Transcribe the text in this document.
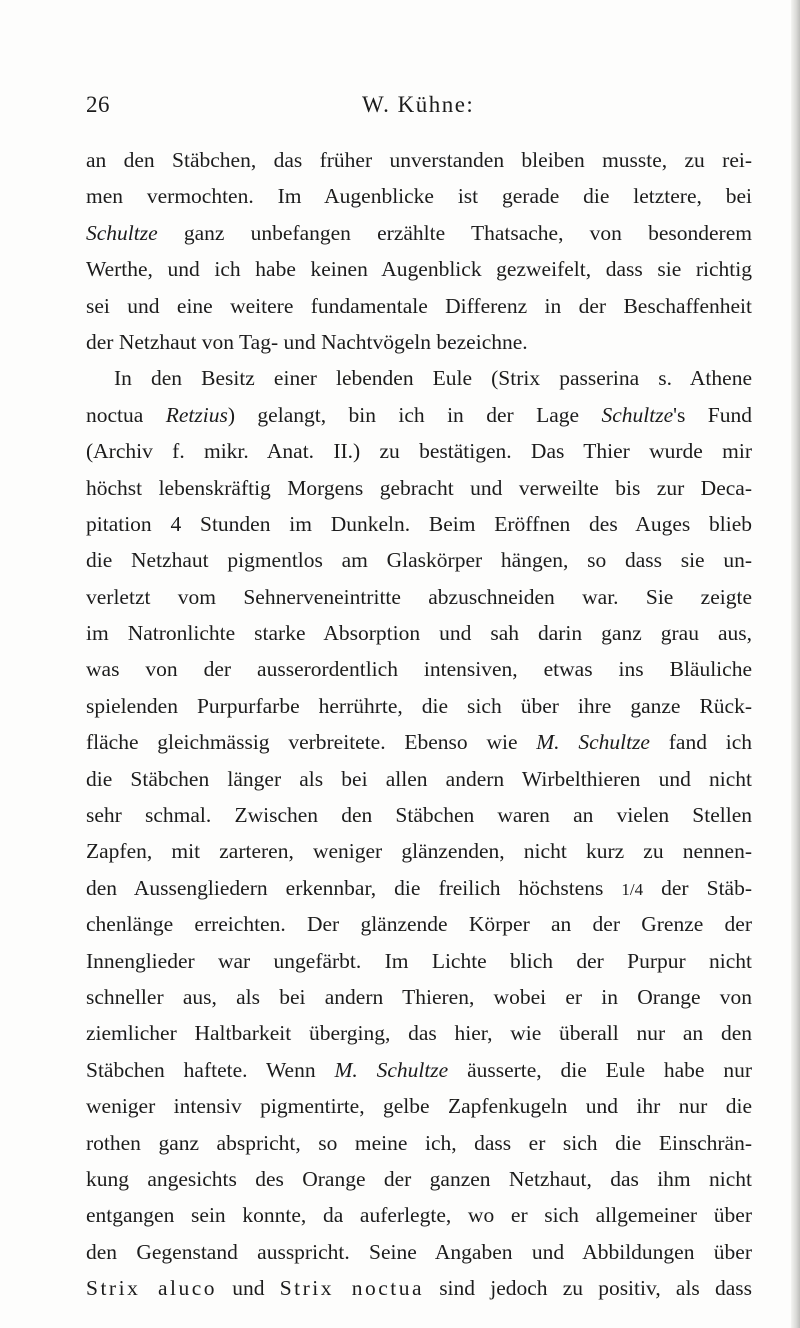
26	W. Kühne:
an den Stäbchen, das früher unverstanden bleiben musste, zu rei-
men vermochten. Im Augenblicke ist gerade die letztere, bei
Schultze ganz unbefangen erzählte Thatsache, von besonderem
Werthe, und ich habe keinen Augenblick gezweifelt, dass sie richtig
sei und eine weitere fundamentale Differenz in der Beschaffenheit
der Netzhaut von Tag- und Nachtvögeln bezeichne.
In den Besitz einer lebenden Eule (Strix passerina s. Athene
noctua Retzius) gelangt, bin ich in der Lage Schultze's Fund
(Archiv f. mikr. Anat. II.) zu bestätigen. Das Thier wurde mir
höchst lebenskräftig Morgens gebracht und verweilte bis zur Deca-
pitation 4 Stunden im Dunkeln. Beim Eröffnen des Auges blieb
die Netzhaut pigmentlos am Glaskörper hängen, so dass sie un-
verletzt vom Sehnerveneintritte abzuschneiden war. Sie zeigte
im Natronlichte starke Absorption und sah darin ganz grau aus,
was von der ausserordentlich intensiven, etwas ins Bläuliche
spielenden Purpurfarbe herrührte, die sich über ihre ganze Rück-
fläche gleichmässig verbreitete. Ebenso wie M. Schultze fand ich
die Stäbchen länger als bei allen andern Wirbelthieren und nicht
sehr schmal. Zwischen den Stäbchen waren an vielen Stellen
Zapfen, mit zarteren, weniger glänzenden, nicht kurz zu nennen-
den Aussengliedern erkennbar, die freilich höchstens 1/4 der Stäb-
chenlänge erreichten. Der glänzende Körper an der Grenze der
Innenglieder war ungefärbt. Im Lichte blich der Purpur nicht
schneller aus, als bei andern Thieren, wobei er in Orange von
ziemlicher Haltbarkeit überging, das hier, wie überall nur an den
Stäbchen haftete. Wenn M. Schultze äusserte, die Eule habe nur
weniger intensiv pigmentirte, gelbe Zapfenkugeln und ihr nur die
rothen ganz abspricht, so meine ich, dass er sich die Einschrän-
kung angesichts des Orange der ganzen Netzhaut, das ihm nicht
entgangen sein konnte, da auferlegte, wo er sich allgemeiner über
den Gegenstand ausspricht. Seine Angaben und Abbildungen über
Strix aluco und Strix noctua sind jedoch zu positiv, als dass
